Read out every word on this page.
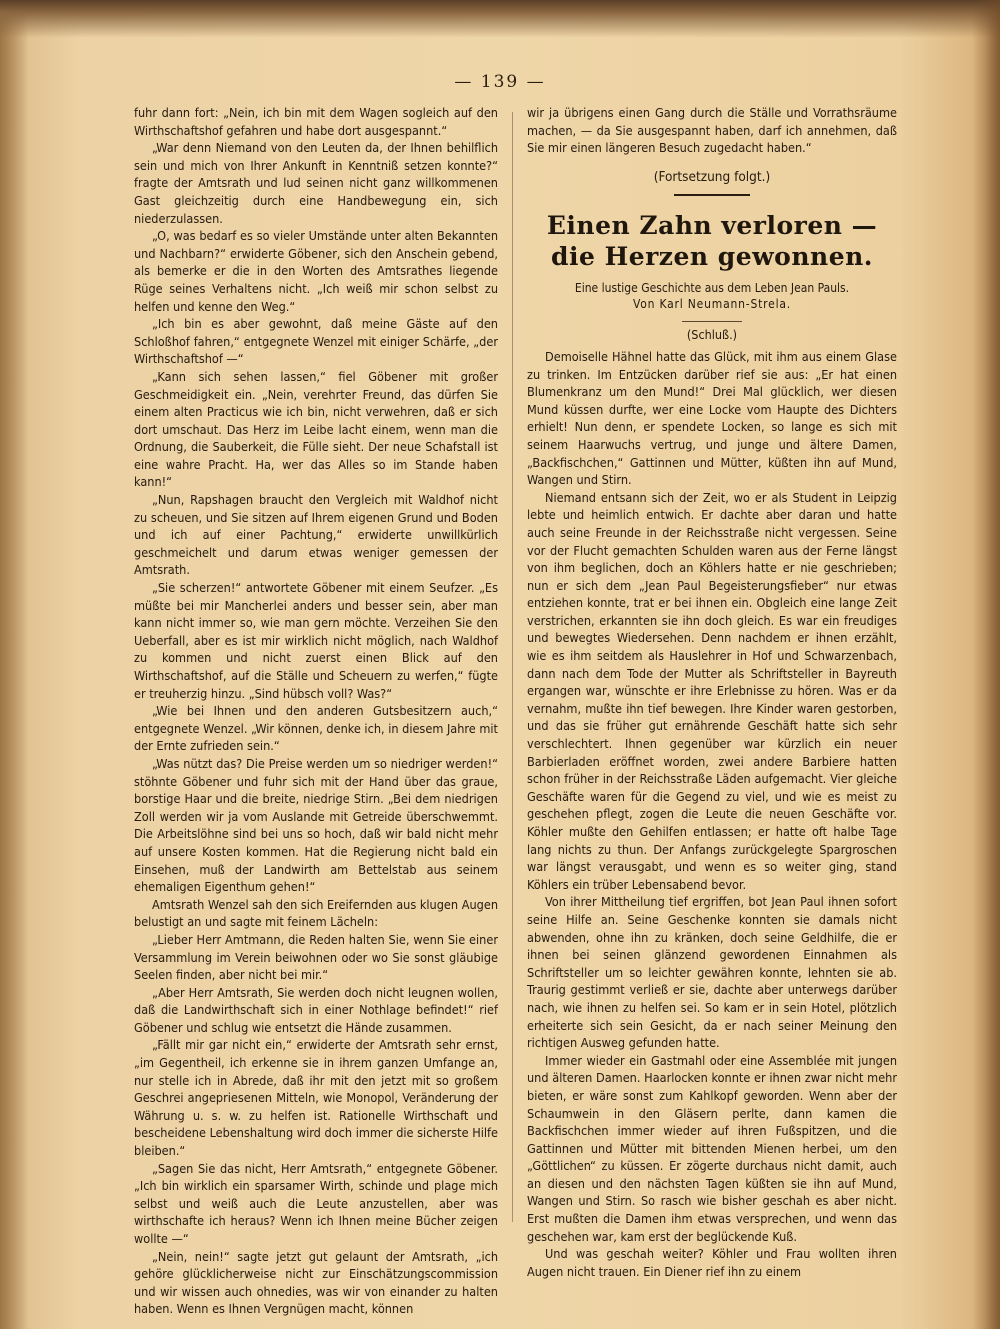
— 139 —

fuhr dann fort: „Nein, ich bin mit dem Wagen sogleich auf den Wirthschaftshof gefahren und habe dort ausgespannt.“

„War denn Niemand von den Leuten da, der Ihnen behilflich sein und mich von Ihrer Ankunft in Kenntniß setzen konnte?“ fragte der Amtsrath und lud seinen nicht ganz willkommenen Gast gleichzeitig durch eine Handbewegung ein, sich niederzulassen.

„O, was bedarf es so vieler Umstände unter alten Bekannten und Nachbarn?“ erwiderte Göbener, sich den Anschein gebend, als bemerke er die in den Worten des Amtsrathes liegende Rüge seines Verhaltens nicht. „Ich weiß mir schon selbst zu helfen und kenne den Weg.“

„Ich bin es aber gewohnt, daß meine Gäste auf den Schloßhof fahren,“ entgegnete Wenzel mit einiger Schärfe, „der Wirthschaftshof —“

„Kann sich sehen lassen,“ fiel Göbener mit großer Geschmeidigkeit ein. „Nein, verehrter Freund, das dürfen Sie einem alten Practicus wie ich bin, nicht verwehren, daß er sich dort umschaut. Das Herz im Leibe lacht einem, wenn man die Ordnung, die Sauberkeit, die Fülle sieht. Der neue Schafstall ist eine wahre Pracht. Ha, wer das Alles so im Stande haben kann!“

„Nun, Rapshagen braucht den Vergleich mit Waldhof nicht zu scheuen, und Sie sitzen auf Ihrem eigenen Grund und Boden und ich auf einer Pachtung,“ erwiderte unwillkürlich geschmeichelt und darum etwas weniger gemessen der Amtsrath.

„Sie scherzen!“ antwortete Göbener mit einem Seufzer. „Es müßte bei mir Mancherlei anders und besser sein, aber man kann nicht immer so, wie man gern möchte. Verzeihen Sie den Ueberfall, aber es ist mir wirklich nicht möglich, nach Waldhof zu kommen und nicht zuerst einen Blick auf den Wirthschaftshof, auf die Ställe und Scheuern zu werfen,“ fügte er treuherzig hinzu. „Sind hübsch voll? Was?“

„Wie bei Ihnen und den anderen Gutsbesitzern auch,“ entgegnete Wenzel. „Wir können, denke ich, in diesem Jahre mit der Ernte zufrieden sein.“

„Was nützt das? Die Preise werden um so niedriger werden!“ stöhnte Göbener und fuhr sich mit der Hand über das graue, borstige Haar und die breite, niedrige Stirn. „Bei dem niedrigen Zoll werden wir ja vom Auslande mit Getreide überschwemmt. Die Arbeitslöhne sind bei uns so hoch, daß wir bald nicht mehr auf unsere Kosten kommen. Hat die Regierung nicht bald ein Einsehen, muß der Landwirth am Bettelstab aus seinem ehemaligen Eigenthum gehen!“

Amtsrath Wenzel sah den sich Ereifernden aus klugen Augen belustigt an und sagte mit feinem Lächeln:

„Lieber Herr Amtmann, die Reden halten Sie, wenn Sie einer Versammlung im Verein beiwohnen oder wo Sie sonst gläubige Seelen finden, aber nicht bei mir.“

„Aber Herr Amtsrath, Sie werden doch nicht leugnen wollen, daß die Landwirthschaft sich in einer Nothlage befindet!“ rief Göbener und schlug wie entsetzt die Hände zusammen.

„Fällt mir gar nicht ein,“ erwiderte der Amtsrath sehr ernst, „im Gegentheil, ich erkenne sie in ihrem ganzen Umfange an, nur stelle ich in Abrede, daß ihr mit den jetzt mit so großem Geschrei angepriesenen Mitteln, wie Monopol, Veränderung der Währung u. s. w. zu helfen ist. Rationelle Wirthschaft und bescheidene Lebenshaltung wird doch immer die sicherste Hilfe bleiben.“

„Sagen Sie das nicht, Herr Amtsrath,“ entgegnete Göbener. „Ich bin wirklich ein sparsamer Wirth, schinde und plage mich selbst und weiß auch die Leute anzustellen, aber was wirthschafte ich heraus? Wenn ich Ihnen meine Bücher zeigen wollte —“

„Nein, nein!“ sagte jetzt gut gelaunt der Amtsrath, „ich gehöre glücklicherweise nicht zur Einschätzungscommission und wir wissen auch ohnedies, was wir von einander zu halten haben. Wenn es Ihnen Vergnügen macht, können

wir ja übrigens einen Gang durch die Ställe und Vorrathsräume machen, — da Sie ausgespannt haben, darf ich annehmen, daß Sie mir einen längeren Besuch zugedacht haben.“

(Fortsetzung folgt.)

Einen Zahn verloren — die Herzen gewonnen.

Eine lustige Geschichte aus dem Leben Jean Pauls.

Von Karl Neumann-Strela.

(Schluß.)

Demoiselle Hähnel hatte das Glück, mit ihm aus einem Glase zu trinken. Im Entzücken darüber rief sie aus: „Er hat einen Blumenkranz um den Mund!“ Drei Mal glücklich, wer diesen Mund küssen durfte, wer eine Locke vom Haupte des Dichters erhielt! Nun denn, er spendete Locken, so lange es sich mit seinem Haarwuchs vertrug, und junge und ältere Damen, „Backfischchen,“ Gattinnen und Mütter, küßten ihn auf Mund, Wangen und Stirn.

Niemand entsann sich der Zeit, wo er als Student in Leipzig lebte und heimlich entwich. Er dachte aber daran und hatte auch seine Freunde in der Reichsstraße nicht vergessen. Seine vor der Flucht gemachten Schulden waren aus der Ferne längst von ihm beglichen, doch an Köhlers hatte er nie geschrieben; nun er sich dem „Jean Paul Begeisterungsfieber“ nur etwas entziehen konnte, trat er bei ihnen ein. Obgleich eine lange Zeit verstrichen, erkannten sie ihn doch gleich. Es war ein freudiges und bewegtes Wiedersehen. Denn nachdem er ihnen erzählt, wie es ihm seitdem als Hauslehrer in Hof und Schwarzenbach, dann nach dem Tode der Mutter als Schriftsteller in Bayreuth ergangen war, wünschte er ihre Erlebnisse zu hören. Was er da vernahm, mußte ihn tief bewegen. Ihre Kinder waren gestorben, und das sie früher gut ernährende Geschäft hatte sich sehr verschlechtert. Ihnen gegenüber war kürzlich ein neuer Barbierladen eröffnet worden, zwei andere Barbiere hatten schon früher in der Reichsstraße Läden aufgemacht. Vier gleiche Geschäfte waren für die Gegend zu viel, und wie es meist zu geschehen pflegt, zogen die Leute die neuen Geschäfte vor. Köhler mußte den Gehilfen entlassen; er hatte oft halbe Tage lang nichts zu thun. Der Anfangs zurückgelegte Spargroschen war längst verausgabt, und wenn es so weiter ging, stand Köhlers ein trüber Lebensabend bevor.

Von ihrer Mittheilung tief ergriffen, bot Jean Paul ihnen sofort seine Hilfe an. Seine Geschenke konnten sie damals nicht abwenden, ohne ihn zu kränken, doch seine Geldhilfe, die er ihnen bei seinen glänzend gewordenen Einnahmen als Schriftsteller um so leichter gewähren konnte, lehnten sie ab. Traurig gestimmt verließ er sie, dachte aber unterwegs darüber nach, wie ihnen zu helfen sei. So kam er in sein Hotel, plötzlich erheiterte sich sein Gesicht, da er nach seiner Meinung den richtigen Ausweg gefunden hatte.

Immer wieder ein Gastmahl oder eine Assemblée mit jungen und älteren Damen. Haarlocken konnte er ihnen zwar nicht mehr bieten, er wäre sonst zum Kahlkopf geworden. Wenn aber der Schaumwein in den Gläsern perlte, dann kamen die Backfischchen immer wieder auf ihren Fußspitzen, und die Gattinnen und Mütter mit bittenden Mienen herbei, um den „Göttlichen“ zu küssen. Er zögerte durchaus nicht damit, auch an diesen und den nächsten Tagen küßten sie ihn auf Mund, Wangen und Stirn. So rasch wie bisher geschah es aber nicht. Erst mußten die Damen ihm etwas versprechen, und wenn das geschehen war, kam erst der beglückende Kuß.

Und was geschah weiter? Köhler und Frau wollten ihren Augen nicht trauen. Ein Diener rief ihn zu einem
